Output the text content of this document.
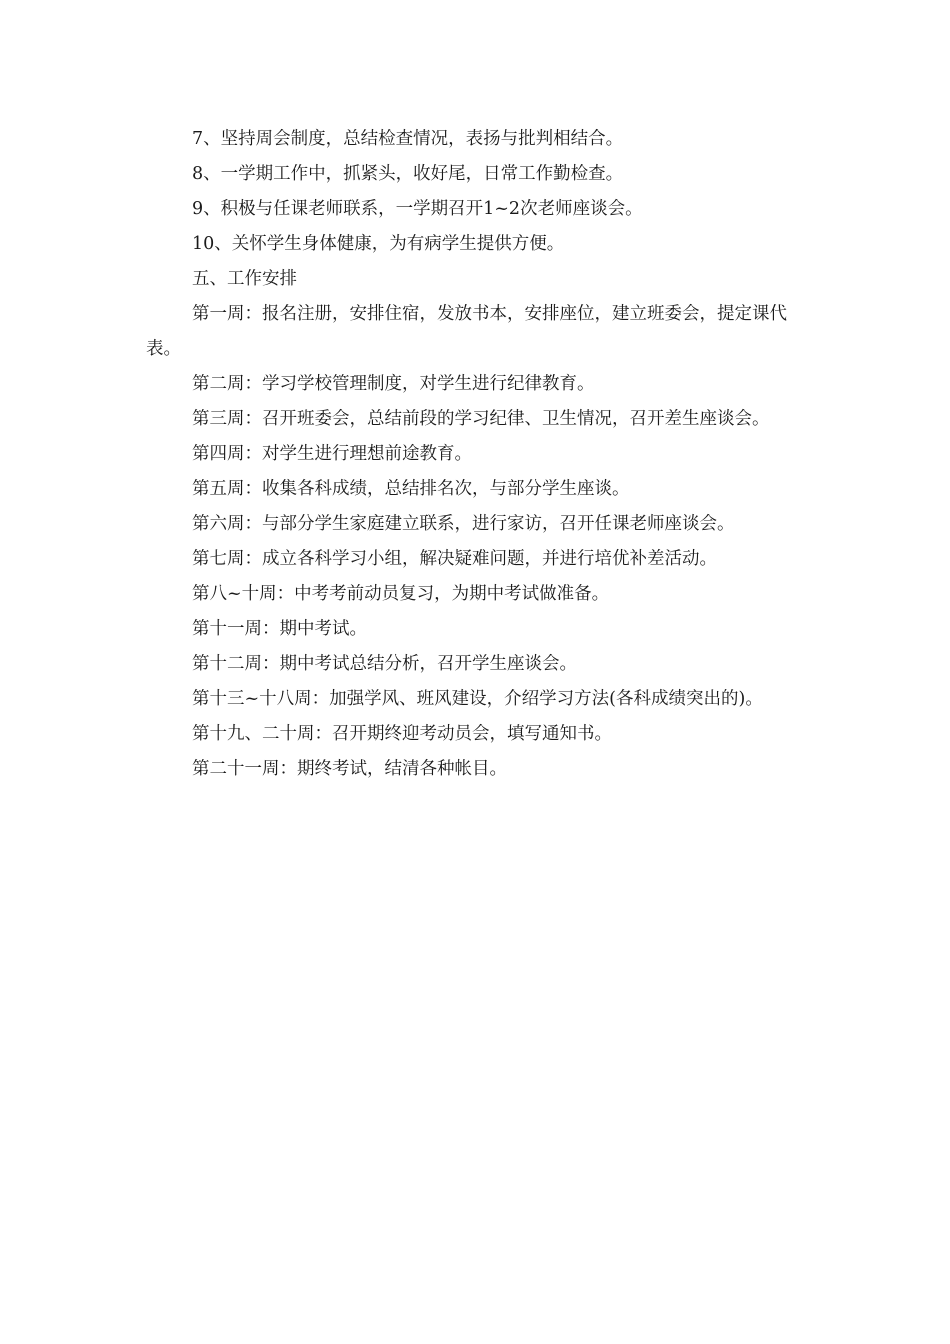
7、坚持周会制度，总结检查情况，表扬与批判相结合。

8、一学期工作中，抓紧头，收好尾，日常工作勤检查。

9、积极与任课老师联系，一学期召开1~2次老师座谈会。

10、关怀学生身体健康，为有病学生提供方便。

五、工作安排

第一周：报名注册，安排住宿，发放书本，安排座位，建立班委会，提定课代表。

第二周：学习学校管理制度，对学生进行纪律教育。

第三周：召开班委会，总结前段的学习纪律、卫生情况，召开差生座谈会。

第四周：对学生进行理想前途教育。

第五周：收集各科成绩，总结排名次，与部分学生座谈。

第六周：与部分学生家庭建立联系，进行家访，召开任课老师座谈会。

第七周：成立各科学习小组，解决疑难问题，并进行培优补差活动。

第八~十周：中考考前动员复习，为期中考试做准备。

第十一周：期中考试。

第十二周：期中考试总结分析，召开学生座谈会。

第十三~十八周：加强学风、班风建设，介绍学习方法(各科成绩突出的)。

第十九、二十周：召开期终迎考动员会，填写通知书。

第二十一周：期终考试，结清各种帐目。
